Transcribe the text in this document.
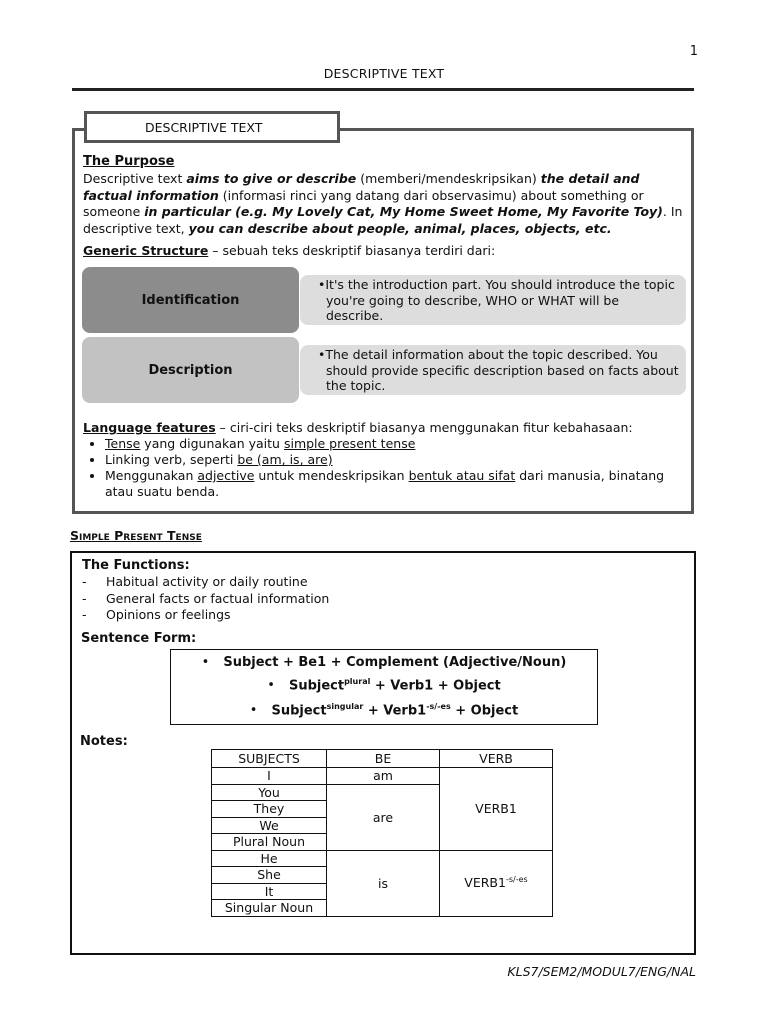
1
DESCRIPTIVE TEXT
DESCRIPTIVE TEXT
The Purpose
Descriptive text aims to give or describe (memberi/mendeskripsikan) the detail and factual information (informasi rinci yang datang dari observasimu) about something or someone in particular (e.g. My Lovely Cat, My Home Sweet Home, My Favorite Toy). In descriptive text, you can describe about people, animal, places, objects, etc.
Generic Structure – sebuah teks deskriptif biasanya terdiri dari:
Identification
•It's the introduction part. You should introduce the topic you're going to describe, WHO or WHAT will be describe.
Description
•The detail information about the topic described. You should provide specific description based on facts about the topic.
Language features – ciri-ciri teks deskriptif biasanya menggunakan fitur kebahasaan:
• Tense yang digunakan yaitu simple present tense
• Linking verb, seperti be (am, is, are)
• Menggunakan adjective untuk mendeskripsikan bentuk atau sifat dari manusia, binatang atau suatu benda.
Simple Present Tense
The Functions:
- Habitual activity or daily routine
- General facts or factual information
- Opinions or feelings
Sentence Form:
• Subject + Be1 + Complement (Adjective/Noun)
• Subject$^{plural}$ + Verb1 + Object
• Subject$^{singular}$ + $Verb1^{-s/-es}$ + Object
Notes:
SUBJECTS	BE	VERB
I	am	VERB1
You	are	
They		
We		
Plural Noun		
He	is	$VERB1^{-s/-es}$
She		
It		
Singular Noun		
KLS7/SEM2/MODUL7/ENG/NAL
